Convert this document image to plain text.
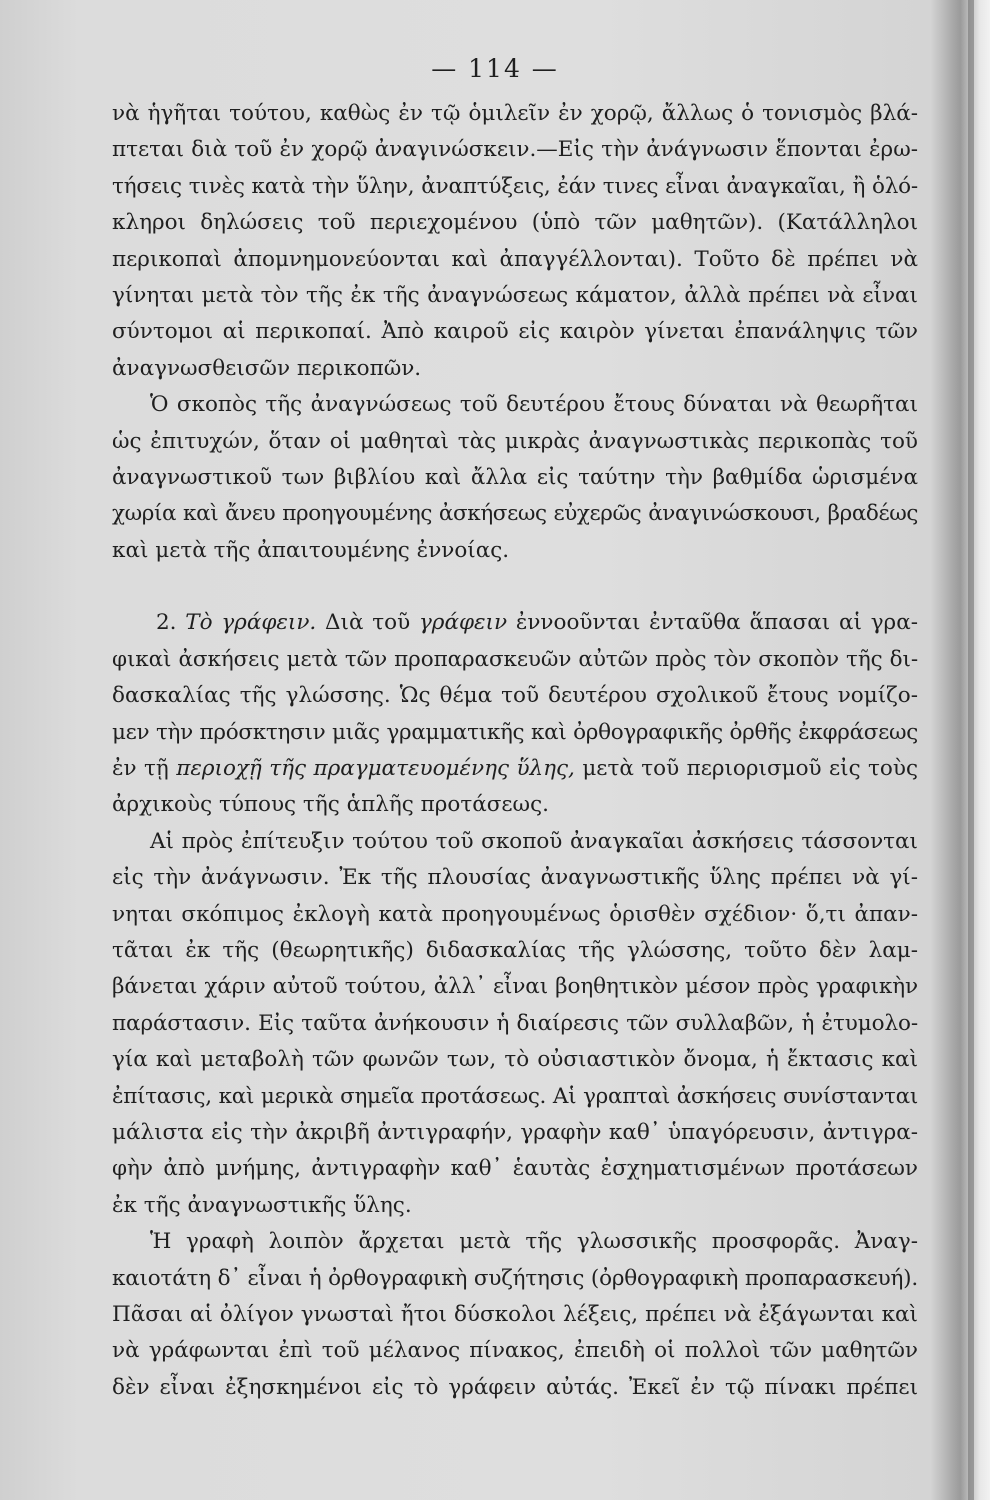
— 114 —
νὰ ἡγῆται τούτου, καθὼς ἐν τῷ ὁμιλεῖν ἐν χορῷ, ἄλλως ὁ τονισμὸς βλά-
πτεται διὰ τοῦ ἐν χορῷ ἀναγινώσκειν.—Εἰς τὴν ἀνάγνωσιν ἕπονται ἐρω-
τήσεις τινὲς κατὰ τὴν ὕλην, ἀναπτύξεις, ἐάν τινες εἶναι ἀναγκαῖαι, ἢ ὁλό-
κληροι δηλώσεις τοῦ περιεχομένου (ὑπὸ τῶν μαθητῶν). (Κατάλληλοι
περικοπαὶ ἀπομνημονεύονται καὶ ἀπαγγέλλονται). Τοῦτο δὲ πρέπει νὰ
γίνηται μετὰ τὸν τῆς ἐκ τῆς ἀναγνώσεως κάματον, ἀλλὰ πρέπει νὰ εἶναι
σύντομοι αἱ περικοπαί. Ἀπὸ καιροῦ εἰς καιρὸν γίνεται ἐπανάληψις τῶν
ἀναγνωσθεισῶν περικοπῶν.
Ὁ σκοπὸς τῆς ἀναγνώσεως τοῦ δευτέρου ἔτους δύναται νὰ θεωρῆται
ὡς ἐπιτυχών, ὅταν οἱ μαθηταὶ τὰς μικρὰς ἀναγνωστικὰς περικοπὰς τοῦ
ἀναγνωστικοῦ των βιβλίου καὶ ἄλλα εἰς ταύτην τὴν βαθμίδα ὡρισμένα
χωρία καὶ ἄνευ προηγουμένης ἀσκήσεως εὐχερῶς ἀναγινώσκουσι, βραδέως
καὶ μετὰ τῆς ἀπαιτουμένης ἐννοίας.
2. Τὸ γράφειν. Διὰ τοῦ γράφειν ἐννοοῦνται ἐνταῦθα ἅπασαι αἱ γρα-
φικαὶ ἀσκήσεις μετὰ τῶν προπαρασκευῶν αὐτῶν πρὸς τὸν σκοπὸν τῆς δι-
δασκαλίας τῆς γλώσσης. Ὡς θέμα τοῦ δευτέρου σχολικοῦ ἔτους νομίζο-
μεν τὴν πρόσκτησιν μιᾶς γραμματικῆς καὶ ὀρθογραφικῆς ὀρθῆς ἐκφράσεως
ἐν τῇ περιοχῇ τῆς πραγματευομένης ὕλης, μετὰ τοῦ περιορισμοῦ εἰς τοὺς
ἀρχικοὺς τύπους τῆς ἁπλῆς προτάσεως.
Αἱ πρὸς ἐπίτευξιν τούτου τοῦ σκοποῦ ἀναγκαῖαι ἀσκήσεις τάσσονται
εἰς τὴν ἀνάγνωσιν. Ἐκ τῆς πλουσίας ἀναγνωστικῆς ὕλης πρέπει νὰ γί-
νηται σκόπιμος ἐκλογὴ κατὰ προηγουμένως ὁρισθὲν σχέδιον· ὅ,τι ἀπαν-
τᾶται ἐκ τῆς (θεωρητικῆς) διδασκαλίας τῆς γλώσσης, τοῦτο δὲν λαμ-
βάνεται χάριν αὐτοῦ τούτου, ἀλλ᾽ εἶναι βοηθητικὸν μέσον πρὸς γραφικὴν
παράστασιν. Εἰς ταῦτα ἀνήκουσιν ἡ διαίρεσις τῶν συλλαβῶν, ἡ ἐτυμολο-
γία καὶ μεταβολὴ τῶν φωνῶν των, τὸ οὐσιαστικὸν ὄνομα, ἡ ἔκτασις καὶ
ἐπίτασις, καὶ μερικὰ σημεῖα προτάσεως. Αἱ γραπταὶ ἀσκήσεις συνίστανται
μάλιστα εἰς τὴν ἀκριβῆ ἀντιγραφήν, γραφὴν καθ᾽ ὑπαγόρευσιν, ἀντιγρα-
φὴν ἀπὸ μνήμης, ἀντιγραφὴν καθ᾽ ἑαυτὰς ἐσχηματισμένων προτάσεων
ἐκ τῆς ἀναγνωστικῆς ὕλης.
Ἡ γραφὴ λοιπὸν ἄρχεται μετὰ τῆς γλωσσικῆς προσφορᾶς. Ἀναγ-
καιοτάτη δ᾽ εἶναι ἡ ὀρθογραφικὴ συζήτησις (ὀρθογραφικὴ προπαρασκευή).
Πᾶσαι αἱ ὀλίγον γνωσταὶ ἤτοι δύσκολοι λέξεις, πρέπει νὰ ἐξάγωνται καὶ
νὰ γράφωνται ἐπὶ τοῦ μέλανος πίνακος, ἐπειδὴ οἱ πολλοὶ τῶν μαθητῶν
δὲν εἶναι ἐξησκημένοι εἰς τὸ γράφειν αὐτάς. Ἐκεῖ ἐν τῷ πίνακι πρέπει
